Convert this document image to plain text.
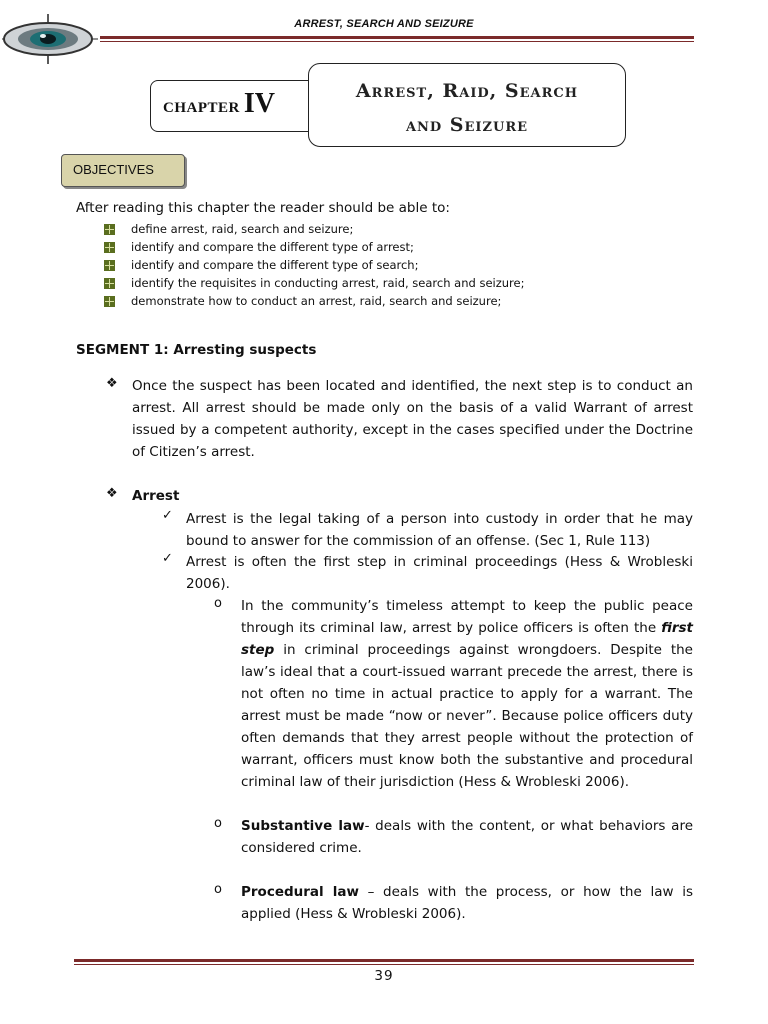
ARREST, SEARCH AND SEIZURE
CHAPTER IV	Arrest, Raid, Search
and Seizure
OBJECTIVES
After reading this chapter the reader should be able to:
define arrest, raid, search and seizure;
identify and compare the different type of arrest;
identify and compare the different type of search;
identify the requisites in conducting arrest, raid, search and seizure;
demonstrate how to conduct an arrest, raid, search and seizure;
SEGMENT 1: Arresting suspects
❖ Once the suspect has been located and identified, the next step is to conduct an arrest. All arrest should be made only on the basis of a valid Warrant of arrest issued by a competent authority, except in the cases specified under the Doctrine of Citizen’s arrest.
❖ Arrest
✓ Arrest is the legal taking of a person into custody in order that he may bound to answer for the commission of an offense. (Sec 1, Rule 113)
✓ Arrest is often the first step in criminal proceedings (Hess & Wrobleski 2006).
o In the community’s timeless attempt to keep the public peace through its criminal law, arrest by police officers is often the first step in criminal proceedings against wrongdoers. Despite the law’s ideal that a court-issued warrant precede the arrest, there is not often no time in actual practice to apply for a warrant. The arrest must be made “now or never”. Because police officers duty often demands that they arrest people without the protection of warrant, officers must know both the substantive and procedural criminal law of their jurisdiction (Hess & Wrobleski 2006).
o Substantive law- deals with the content, or what behaviors are considered crime.
o Procedural law – deals with the process, or how the law is applied (Hess & Wrobleski 2006).
39
